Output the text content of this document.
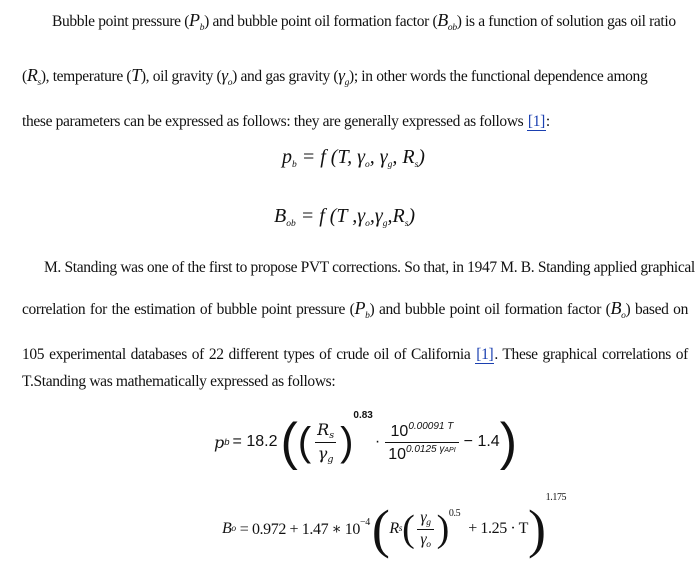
Bubble point pressure $(P_b)$ and bubble point oil formation factor $(B_{ob})$ is a function of solution gas oil ratio
$(R_s)$, temperature (T), oil gravity $(\gamma_o)$ and gas gravity $(\gamma_g)$; in other words the functional dependence among
these parameters can be expressed as follows: they are generally expressed as follows [1]:
$p_b = f$ (T, $\gamma_o$, $\gamma_g$, $R_s$)
$B_{ob} = f$ (T $,\gamma_o,\gamma_g,R_s$)
M. Standing was one of the first to propose PVT corrections. So that, in 1947 M. B. Standing applied graphical
correlation for the estimation of bubble point pressure $(P_b)$ and bubble point oil formation factor $(B_o)$ based on
105 experimental databases of 22 different types of crude oil of California [1]. These graphical correlations of
T.Standing was mathematically expressed as follows:
p b = 18.2 ( ( $\frac{R_s}{\gamma_g}$ )
0.83
· $\frac{10^{0.00091 T}}{10^{0.0125 \gamma API}} - 1.4$ )
B o = 0.972 + 1.47 ∗ 10 −4 ( R s ( $\frac{\gamma_g}{\gamma_o}$ ) 0.5
+ 1.25 · T )
1.175
